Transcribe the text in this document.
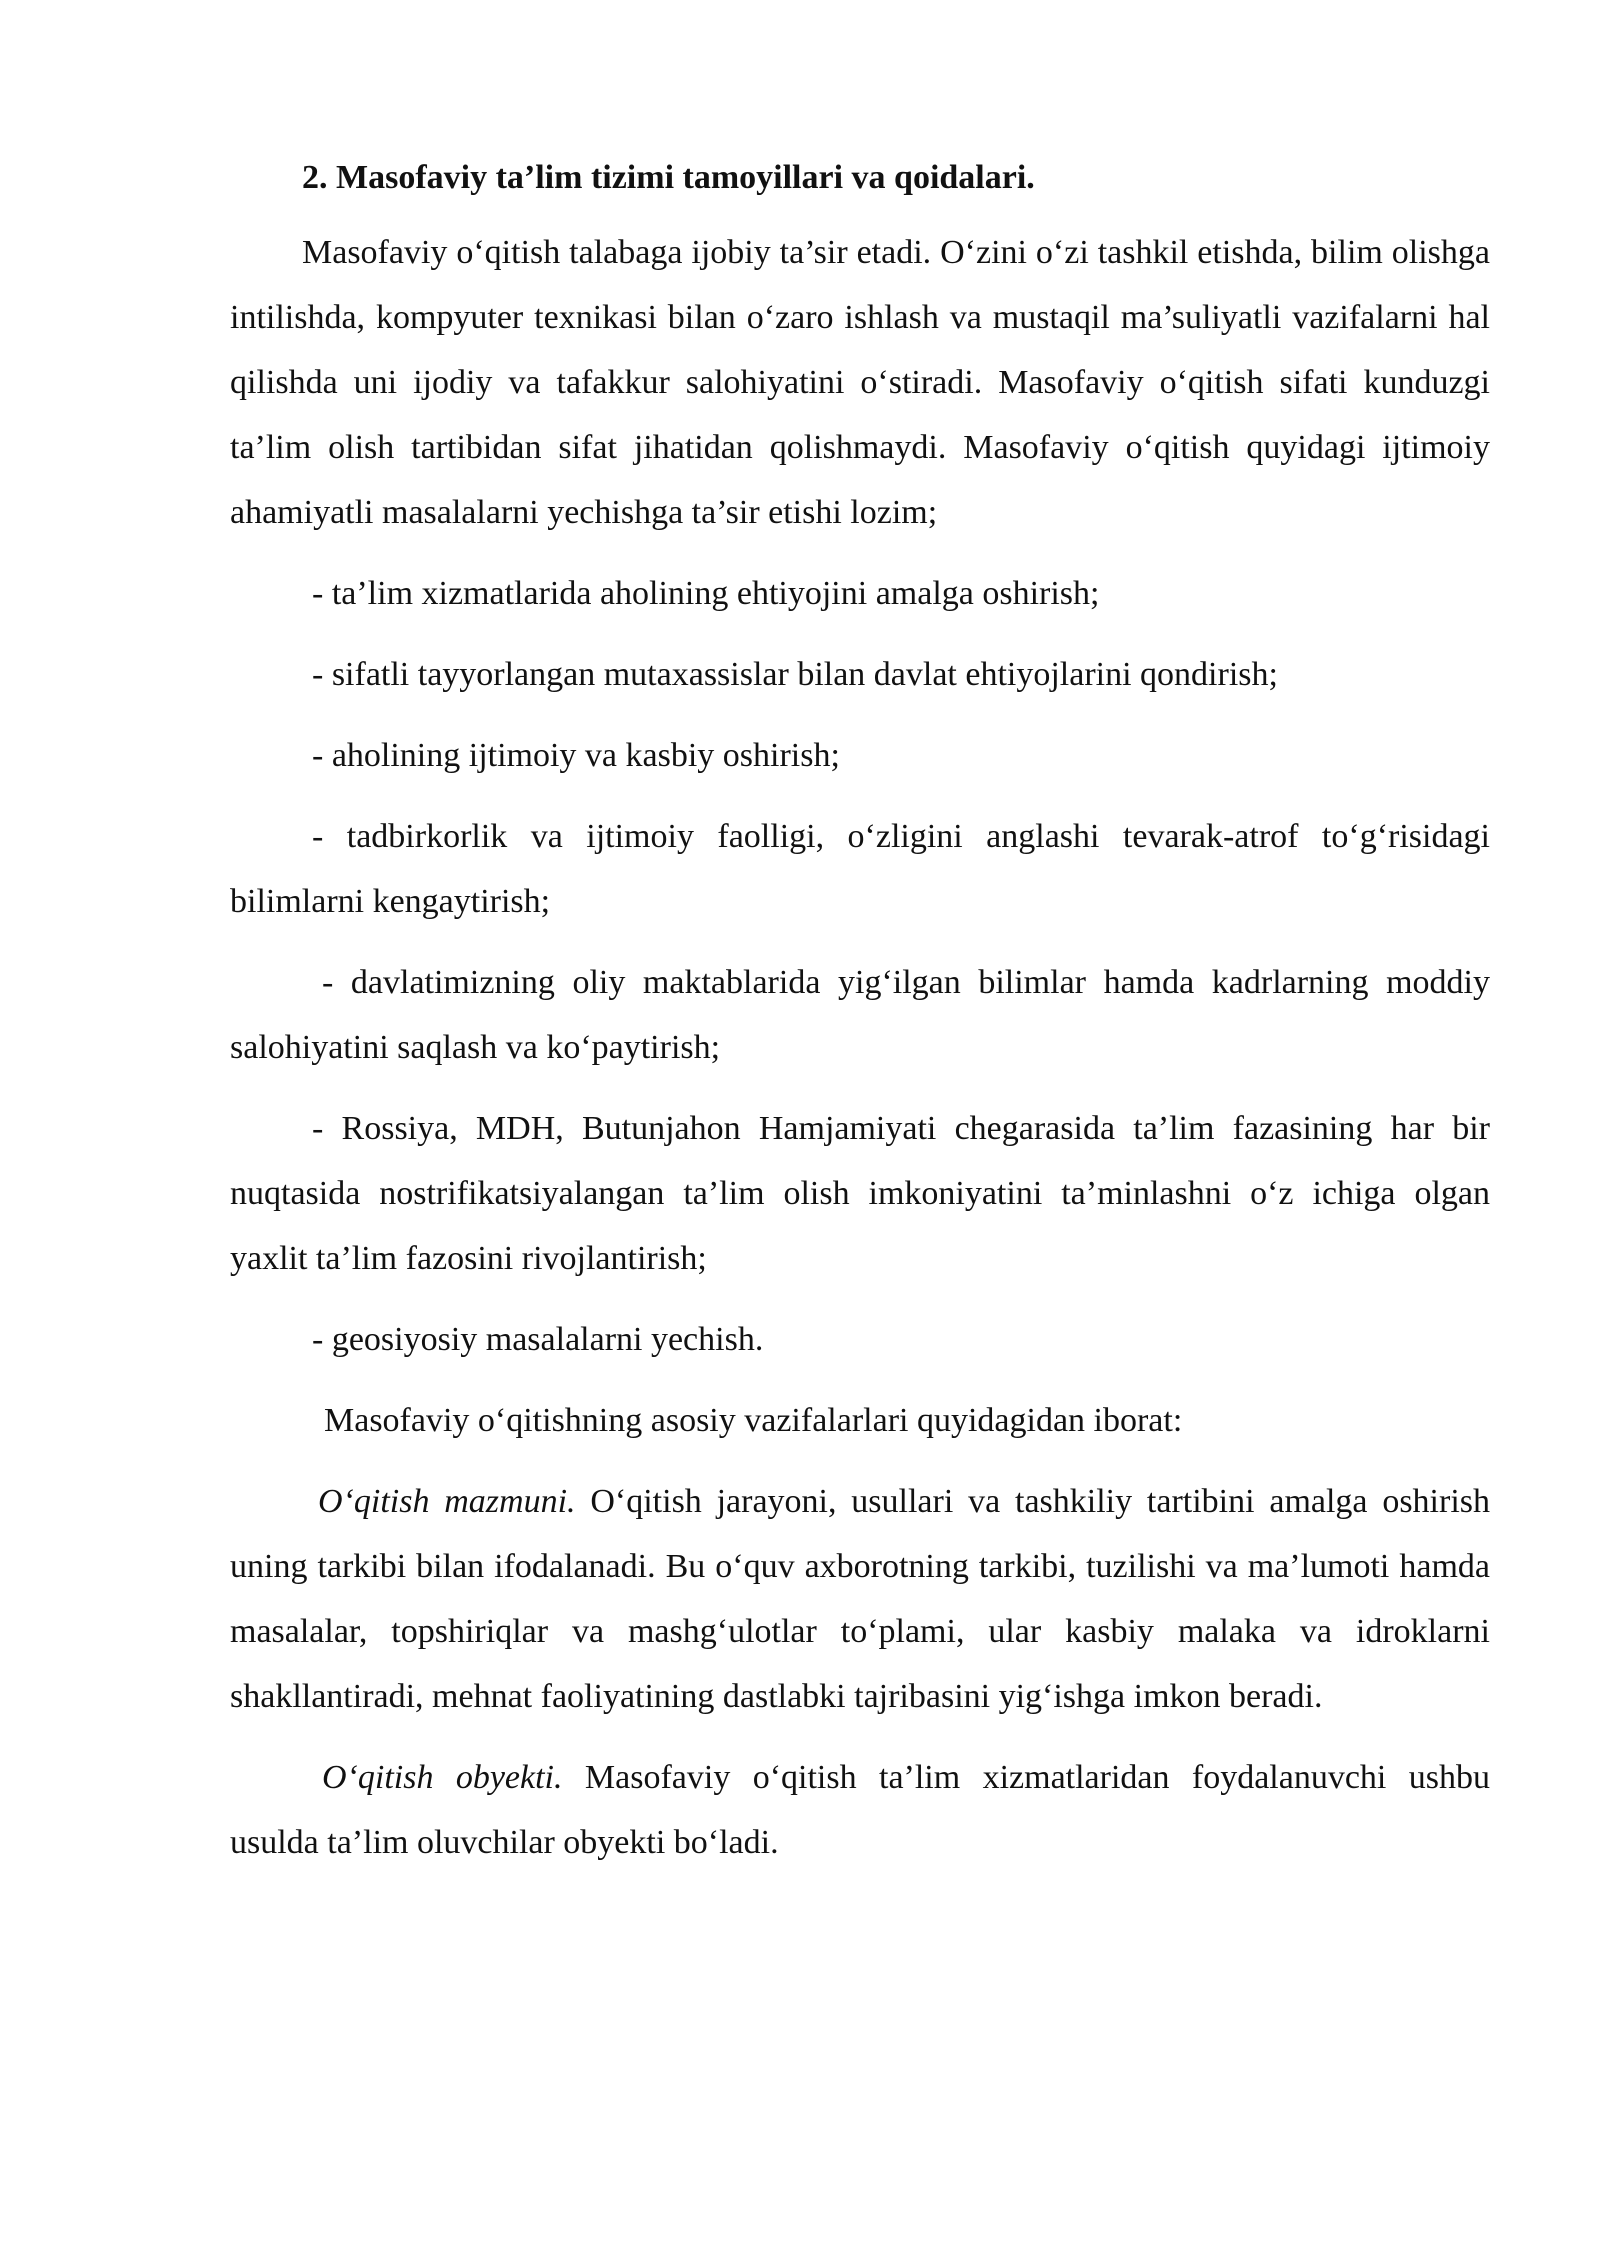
2. Masofaviy ta’lim tizimi tamoyillari va qoidalari.

Masofaviy o‘qitish talabaga ijobiy ta’sir etadi. O‘zini o‘zi tashkil etishda, bilim olishga intilishda, kompyuter texnikasi bilan o‘zaro ishlash va mustaqil ma’suliyatli vazifalarni hal qilishda uni ijodiy va tafakkur salohiyatini o‘stiradi. Masofaviy o‘qitish sifati kunduzgi ta’lim olish tartibidan sifat jihatidan qolishmaydi. Masofaviy o‘qitish quyidagi ijtimoiy ahamiyatli masalalarni yechishga ta’sir etishi lozim;

- ta’lim xizmatlarida aholining ehtiyojini amalga oshirish;

- sifatli tayyorlangan mutaxassislar bilan davlat ehtiyojlarini qondirish;

- aholining ijtimoiy va kasbiy oshirish;

- tadbirkorlik va ijtimoiy faolligi, o‘zligini anglashi tevarak-atrof to‘g‘risidagi bilimlarni kengaytirish;

- davlatimizning oliy maktablarida yig‘ilgan bilimlar hamda kadrlarning moddiy salohiyatini saqlash va ko‘paytirish;

- Rossiya, MDH, Butunjahon Hamjamiyati chegarasida ta’lim fazasining har bir nuqtasida nostrifikatsiyalangan ta’lim olish imkoniyatini ta’minlashni o‘z ichiga olgan yaxlit ta’lim fazosini rivojlantirish;

- geosiyosiy masalalarni yechish.

Masofaviy o‘qitishning asosiy vazifalarlari quyidagidan iborat:

O‘qitish mazmuni. O‘qitish jarayoni, usullari va tashkiliy tartibini amalga oshirish uning tarkibi bilan ifodalanadi. Bu o‘quv axborotning tarkibi, tuzilishi va ma’lumoti hamda masalalar, topshiriqlar va mashg‘ulotlar to‘plami, ular kasbiy malaka va idroklarni shakllantiradi, mehnat faoliyatining dastlabki tajribasini yig‘ishga imkon beradi.

O‘qitish obyekti. Masofaviy o‘qitish ta’lim xizmatlaridan foydalanuvchi ushbu usulda ta’lim oluvchilar obyekti bo‘ladi.
